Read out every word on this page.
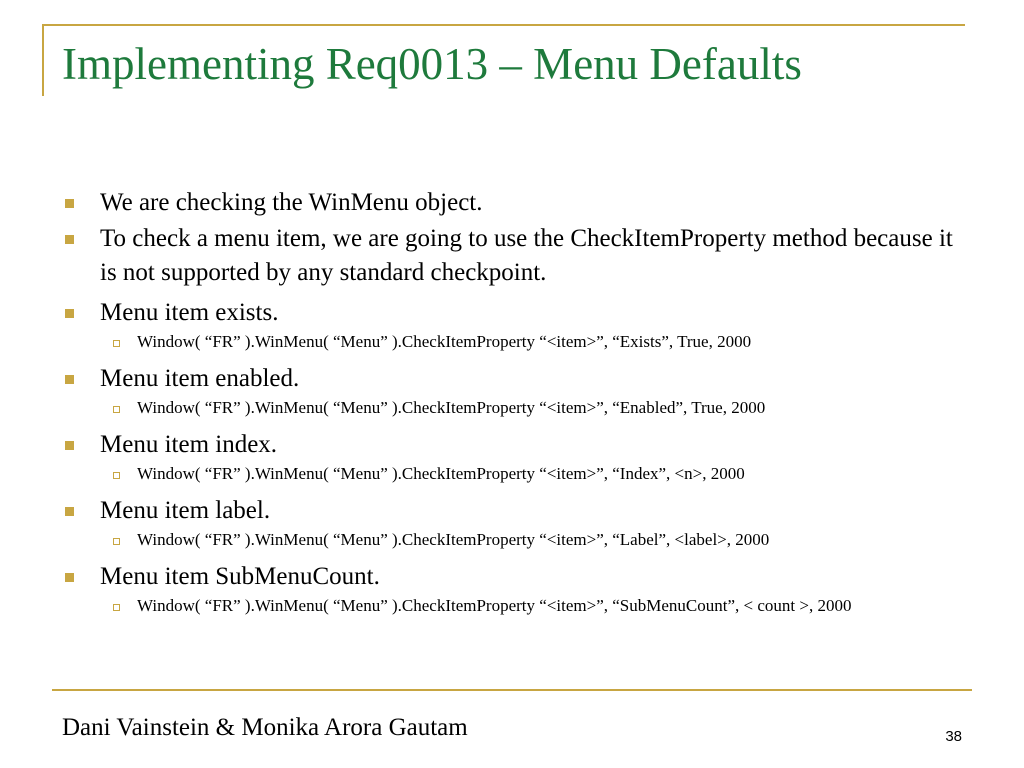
Implementing Req0013 – Menu Defaults
We are checking the WinMenu object.
To check a menu item, we are going to use the CheckItemProperty method because it is not supported by any standard checkpoint.
Menu item exists.
Window( “FR” ).WinMenu( “Menu” ).CheckItemProperty “<item>”, “Exists”, True, 2000
Menu item enabled.
Window( “FR” ).WinMenu( “Menu” ).CheckItemProperty “<item>”, “Enabled”, True, 2000
Menu item index.
Window( “FR” ).WinMenu( “Menu” ).CheckItemProperty “<item>”, “Index”, <n>, 2000
Menu item label.
Window( “FR” ).WinMenu( “Menu” ).CheckItemProperty “<item>”, “Label”, <label>, 2000
Menu item SubMenuCount.
Window( “FR” ).WinMenu( “Menu” ).CheckItemProperty “<item>”, “SubMenuCount”, < count >, 2000
Dani Vainstein & Monika Arora Gautam	38
